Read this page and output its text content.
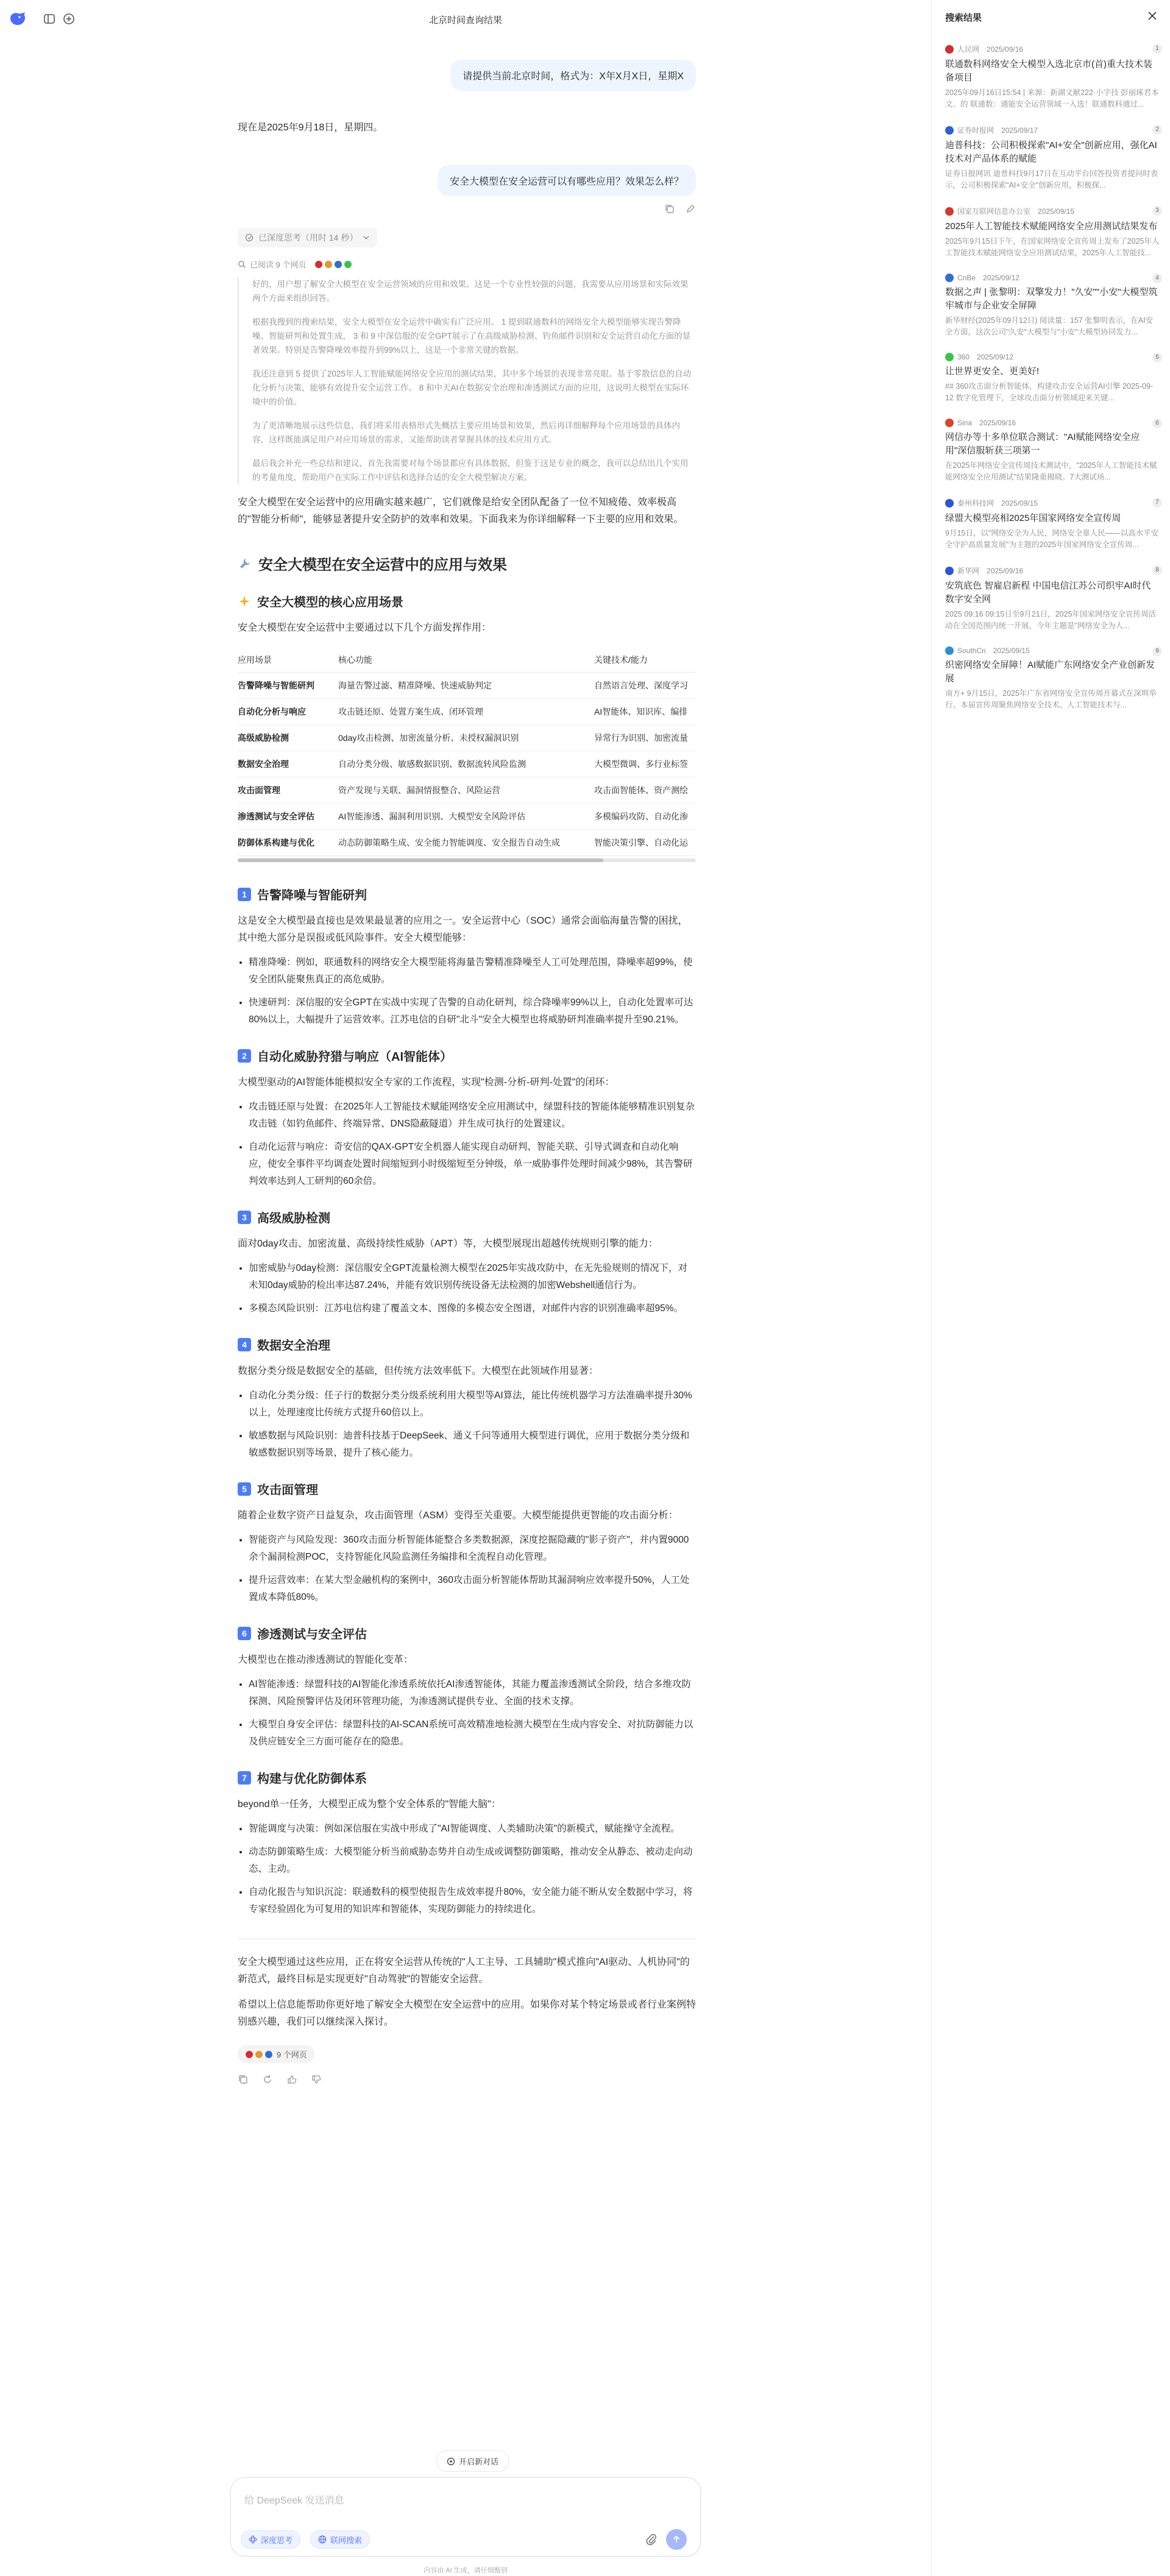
北京时间查询结果
请提供当前北京时间，格式为：X年X月X日，星期X
现在是2025年9月18日，星期四。
安全大模型在安全运营可以有哪些应用？效果怎么样？
已深度思考（用时 14 秒）
已阅读 9 个网页

好的，用户想了解安全大模型在安全运营领域的应用和效果。这是一个专业性较强的问题，我需要从应用场景和实际效果两个方面来组织回答。

根据我搜到的搜索结果，安全大模型在安全运营中确实有广泛应用。 1 提到联通数科的网络安全大模型能够实现告警降噪、智能研判和处置生成， 3 和 9 中深信服的安全GPT展示了在高级威胁检测、钓鱼邮件识别和安全运营自动化方面的显著效果。特别是告警降噪效率提升到99%以上，这是一个非常关键的数据。

我还注意到 5 提供了2025年人工智能赋能网络安全应用的测试结果，其中多个场景的表现非常亮眼。基于零散信息的自动化分析与决策，能够有效提升安全运营工作。 8 和中天AI在数据安全治理和渗透测试方面的应用，这说明大模型在实际环境中的价值。

为了更清晰地展示这些信息，我们将采用表格形式先概括主要应用场景和效果，然后再详细解释每个应用场景的具体内容，这样既能满足用户对应用场景的需求，又能帮助读者掌握具体的技术应用方式。

最后我会补充一些总结和建议，首先我需要对每个场景都应有具体数据，但鉴于这是专业的概念，我可以总结出几个实用的考量角度，帮助用户在实际工作中评估和选择合适的安全大模型解决方案。

安全大模型在安全运营中的应用确实越来越广，它们就像是给安全团队配备了一位不知疲倦、效率极高的"智能分析师"，能够显著提升安全防护的效率和效果。下面我来为你详细解释一下主要的应用和效果。

安全大模型在安全运营中的应用与效果
安全大模型的核心应用场景

安全大模型在安全运营中主要通过以下几个方面发挥作用：

应用场景	核心功能	关键技术/能力
告警降噪与智能研判	海量告警过滤、精准降噪、快速威胁判定	自然语言处理、深度学习
自动化分析与响应	攻击链还原、处置方案生成、闭环管理	AI智能体、知识库、编排
高级威胁检测	0day攻击检测、加密流量分析、未授权漏洞识别	异常行为识别、加密流量
数据安全治理	自动分类分级、敏感数据识别、数据流转风险监测	大模型微调、多行业标签
攻击面管理	资产发现与关联、漏洞情报整合、风险运营	攻击面智能体、资产测绘
渗透测试与安全评估	AI智能渗透、漏洞利用识别、大模型安全风险评估	多模编码攻防、自动化渗
防御体系构建与优化	动态防御策略生成、安全能力智能调度、安全报告自动生成	智能决策引擎、自动化运
1 告警降噪与智能研判

这是安全大模型最直接也是效果最显著的应用之一。安全运营中心（SOC）通常会面临海量告警的困扰，其中绝大部分是误报或低风险事件。安全大模型能够：

• 精准降噪：例如，联通数科的网络安全大模型能将海量告警精准降噪至人工可处理范围，降噪率超99%，使安全团队能聚焦真正的高危威胁。
• 快速研判：深信服的安全GPT在实战中实现了告警的自动化研判，综合降噪率99%以上，自动化处置率可达80%以上，大幅提升了运营效率。江苏电信的自研"北斗"安全大模型也将威胁研判准确率提升至90.21%。
2 自动化威胁狩猎与响应（AI智能体）

大模型驱动的AI智能体能模拟安全专家的工作流程，实现"检测-分析-研判-处置"的闭环：

• 攻击链还原与处置：在2025年人工智能技术赋能网络安全应用测试中，绿盟科技的智能体能够精准识别复杂攻击链（如钓鱼邮件、终端异常、DNS隐蔽隧道）并生成可执行的处置建议。
• 自动化运营与响应：奇安信的QAX-GPT安全机器人能实现自动研判、智能关联、引导式调查和自动化响应，使安全事件平均调查处置时间缩短到小时级缩短至分钟级，单一威胁事件处理时间减少98%，其告警研判效率达到人工研判的60余倍。
3 高级威胁检测

面对0day攻击、加密流量、高级持续性威胁（APT）等，大模型展现出超越传统规则引擎的能力：

• 加密威胁与0day检测：深信服安全GPT流量检测大模型在2025年实战攻防中，在无先验规则的情况下，对未知0day威胁的检出率达87.24%，并能有效识别传统设备无法检测的加密Webshell通信行为。
• 多模态风险识别：江苏电信构建了覆盖文本、图像的多模态安全图谱，对邮件内容的识别准确率超95%。
4 数据安全治理

数据分类分级是数据安全的基础，但传统方法效率低下。大模型在此领域作用显著：

• 自动化分类分级：任子行的数据分类分级系统利用大模型等AI算法，能比传统机器学习方法准确率提升30%以上，处理速度比传统方式提升60倍以上。
• 敏感数据与风险识别：迪普科技基于DeepSeek、通义千问等通用大模型进行调优，应用于数据分类分级和敏感数据识别等场景，提升了核心能力。
5 攻击面管理

随着企业数字资产日益复杂，攻击面管理（ASM）变得至关重要。大模型能提供更智能的攻击面分析：

• 智能资产与风险发现：360攻击面分析智能体能整合多类数据源，深度挖掘隐藏的"影子资产"，并内置9000余个漏洞检测POC，支持智能化风险监测任务编排和全流程自动化管理。
• 提升运营效率：在某大型金融机构的案例中，360攻击面分析智能体帮助其漏洞响应效率提升50%，人工处置成本降低80%。
6 渗透测试与安全评估

大模型也在推动渗透测试的智能化变革：

• AI智能渗透：绿盟科技的AI智能化渗透系统依托AI渗透智能体，其能力覆盖渗透测试全阶段，结合多维攻防探测、风险预警评估及闭环管理功能，为渗透测试提供专业、全面的技术支撑。
• 大模型自身安全评估：绿盟科技的AI-SCAN系统可高效精准地检测大模型在生成内容安全、对抗防御能力以及供应链安全三方面可能存在的隐患。
7 构建与优化防御体系

beyond单一任务，大模型正成为整个安全体系的"智能大脑"：

• 智能调度与决策：例如深信服在实战中形成了"AI智能调度、人类辅助决策"的新模式，赋能操守全流程。
• 动态防御策略生成：大模型能分析当前威胁态势并自动生成或调整防御策略，推动安全从静态、被动走向动态、主动。
• 自动化报告与知识沉淀：联通数科的模型使报告生成效率提升80%，安全能力能不断从安全数据中学习，将专家经验固化为可复用的知识库和智能体，实现防御能力的持续进化。

安全大模型通过这些应用，正在将安全运营从传统的"人工主导、工具辅助"模式推向"AI驱动、人机协同"的新范式，最终目标是实现更好"自动驾驶"的智能安全运营。

希望以上信息能帮助你更好地了解安全大模型在安全运营中的应用。如果你对某个特定场景或者行业案例特别感兴趣，我们可以继续深入探讨。

9 个网页
开启新对话
给 DeepSeek 发送消息
深度思考	联网搜索
内容由 AI 生成，请仔细甄别
搜索结果
人民网 2025/09/16	1
联通数科网络安全大模型入选北京市(首)重大技术装备项目
2025年09月16日15:54 | 来源：新湖文献222·小字技 彭丽琢君本文。的 联通数：通能安全运营领域一入选！联通数科通过...
证券时报网 2025/09/17	2
迪普科技：公司积极探索"AI+安全"创新应用，强化AI技术对产品体系的赋能
证券日报网讯 迪普科技9月17日在互动平台回答投资者提问时表示，公司积极探索"AI+安全"创新应用，积极探...
国家互联网信息办公室 2025/09/15	3
2025年人工智能技术赋能网络安全应用测试结果发布
2025年9月15日下午，在国家网络安全宣传周上发布了2025年人工智能技术赋能网络安全应用测试结果，2025年人工智能技...
CnBe 2025/09/12	4
数据之声 | 张黎明：双擎发力！"久安""小安"大模型筑牢城市与企业安全屏障
新华财经(2025年09月12日) 阅读量：157 张黎明表示，在AI安全方面，这次公司"久安"大模型与"小安"大模型协同发力...
360 2025/09/12	5
让世界更安全、更美好!
## 360攻击面分析智能体，构建攻击安全运营AI引擎 2025-09-12 数字化管理下，全球攻击面分析领域迎来关键...
Sina 2025/09/16	6
网信办等十多单位联合测试："AI赋能网络安全应用"深信服斩获三项第一
在2025年网络安全宣传周技术测试中，"2025年人工智能技术赋能网络安全应用测试"结果隆重揭晓。7大测试场...
泰州科技网 2025/09/15	7
绿盟大模型亮相2025年国家网络安全宣传周
9月15日，以"网络安全为人民，网络安全靠人民——以高水平安全守护高质量发展"为主题的2025年国家网络安全宣传周...
新华网 2025/09/16	8
安筑底色 智雇启新程 中国电信江苏公司织牢AI时代数字安全网
2025 09:16 09:15日至9月21日，2025年国家网络安全宣传周活动在全国范围内统一开展，今年主题是"网络安全为人...
SouthCn 2025/09/15	9
织密网络安全屏障！AI赋能广东网络安全产业创新发展
南方+ 9月15日，2025年广东省网络安全宣传周开幕式在深圳举行。本届宣传周聚焦网络安全技术、人工智能技术与...
